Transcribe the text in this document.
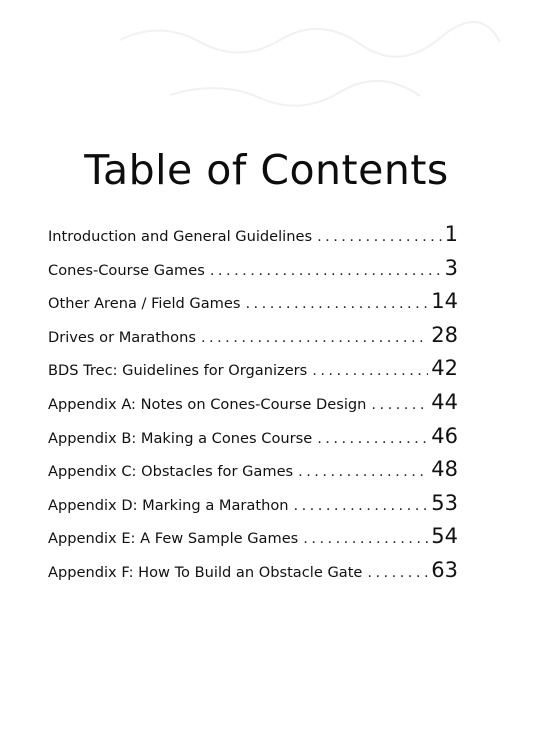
Table of Contents
Introduction and General Guidelines . . .	1
Cones-Course Games . . .	3
Other Arena / Field Games . . .	14
Drives or Marathons . . .	28
BDS Trec: Guidelines for Organizers . . .	42
Appendix A: Notes on Cones-Course Design . . .	44
Appendix B: Making a Cones Course . . .	46
Appendix C: Obstacles for Games . . .	48
Appendix D: Marking a Marathon . . .	53
Appendix E: A Few Sample Games . . .	54
Appendix F: How To Build an Obstacle Gate . . .	63
